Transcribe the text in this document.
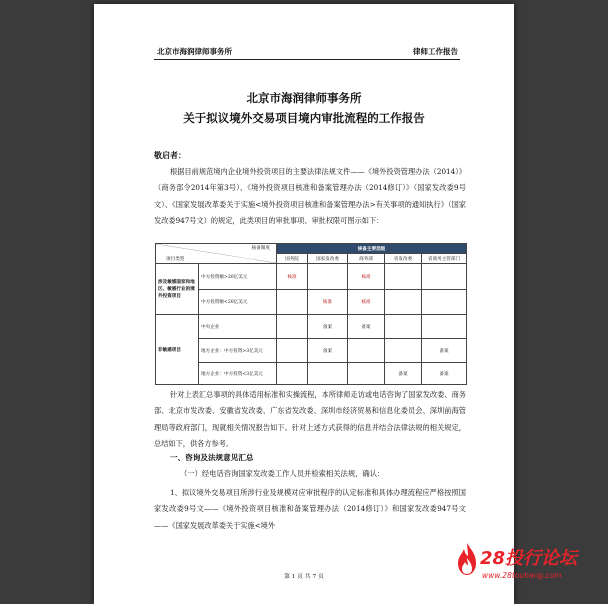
北京市海润律师事务所	律师工作报告
北京市海润律师事务所
关于拟议境外交易项目境内审批流程的工作报告
敬启者：
根据目前规范境内企业境外投资项目的主要法律法规文件——《境外投资管理办法（2014）》（商务部令2014年第3号）、《境外投资项目核准和备案管理办法（2014修订）》（国家发改委9号文）、《国家发展改革委关于实施<境外投资项目核准和备案管理办法>有关事项的通知执行》（国家发改委947号文）的规定，此类项目的审批事项、审批权限可图示如下：
核备制度
项目类型		核备主要层级				
		国务院	国家发改委	商务部	省发改委	省商务主管部门
涉及敏感国家和地区、敏感行业的境外投资项目	中方投资额>20亿美元	核准		核准		
	中方投资额<20亿美元		核准	核准		
非敏感项目	中央企业		备案	备案		
	地方企业：中方投资>3亿美元		备案			备案
	地方企业：中方投资<3亿美元				备案	备案
针对上表汇总事项的具体适用标准和实操流程，本所律师走访或电话咨询了国家发改委、商务部、北京市发改委、安徽省发改委、广东省发改委、深圳市经济贸易和信息化委员会、深圳前海管理局等政府部门，现就相关情况报告如下。针对上述方式获得的信息并结合法律法规的相关规定，总结如下，供各方参考。
一、咨询及法规意见汇总
（一）经电话咨询国家发改委工作人员并检索相关法规，确认：
1、拟议境外交易项目所涉行业及规模对应审批程序的认定标准和具体办理流程应严格按照国家发改委9号文——《境外投资项目核准和备案管理办法（2014修订）》和国家发改委947号文——《国家发展改革委关于实施<境外
第 1 页 共 7 页
28投行论坛
www.28touhang.com
